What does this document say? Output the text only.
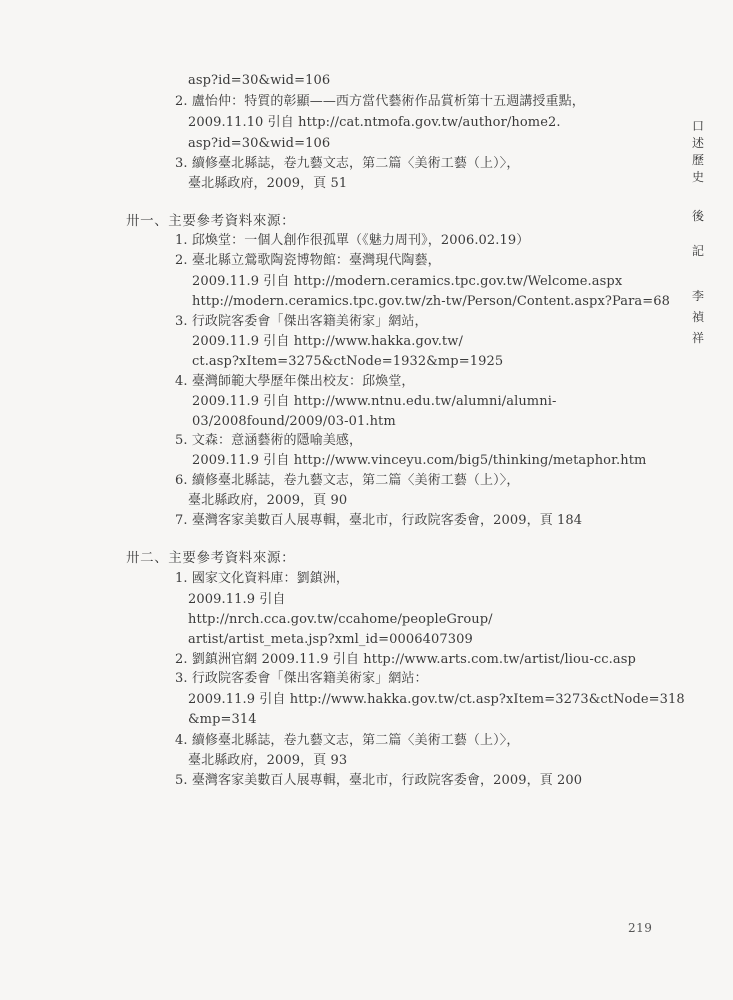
asp?id=30&wid=106
2. 盧怡仲：特質的彰顯——西方當代藝術作品賞析第十五週講授重點，
2009.11.10 引自 http://cat.ntmofa.gov.tw/author/home2.
asp?id=30&wid=106
3. 續修臺北縣誌，卷九藝文志，第二篇〈美術工藝（上）〉，
臺北縣政府，2009，頁 51
卅一、主要參考資料來源：
1. 邱煥堂：一個人創作很孤單（《魅力周刊》，2006.02.19）
2. 臺北縣立鶯歌陶瓷博物館：臺灣現代陶藝，
2009.11.9 引自 http://modern.ceramics.tpc.gov.tw/Welcome.aspx
http://modern.ceramics.tpc.gov.tw/zh-tw/Person/Content.aspx?Para=68
3. 行政院客委會「傑出客籍美術家」網站，
2009.11.9 引自 http://www.hakka.gov.tw/
ct.asp?xItem=3275&ctNode=1932&mp=1925
4. 臺灣師範大學歷年傑出校友：邱煥堂，
2009.11.9 引自 http://www.ntnu.edu.tw/alumni/alumni-
03/2008found/2009/03-01.htm
5. 文森：意涵藝術的隱喻美感，
2009.11.9 引自 http://www.vinceyu.com/big5/thinking/metaphor.htm
6. 續修臺北縣誌，卷九藝文志，第二篇〈美術工藝（上）〉，
臺北縣政府，2009，頁 90
7. 臺灣客家美數百人展專輯，臺北市，行政院客委會，2009，頁 184
卅二、主要參考資料來源：
1. 國家文化資料庫：劉鎮洲，
2009.11.9 引自
http://nrch.cca.gov.tw/ccahome/peopleGroup/
artist/artist_meta.jsp?xml_id=0006407309
2. 劉鎮洲官網 2009.11.9 引自 http://www.arts.com.tw/artist/liou-cc.asp
3. 行政院客委會「傑出客籍美術家」網站：
2009.11.9 引自 http://www.hakka.gov.tw/ct.asp?xItem=3273&ctNode=318
&mp=314
4. 續修臺北縣誌，卷九藝文志，第二篇〈美術工藝（上）〉，
臺北縣政府，2009，頁 93
5. 臺灣客家美數百人展專輯，臺北市，行政院客委會，2009，頁 200
口
述
歷
史
後
記
李
禎
祥
219
